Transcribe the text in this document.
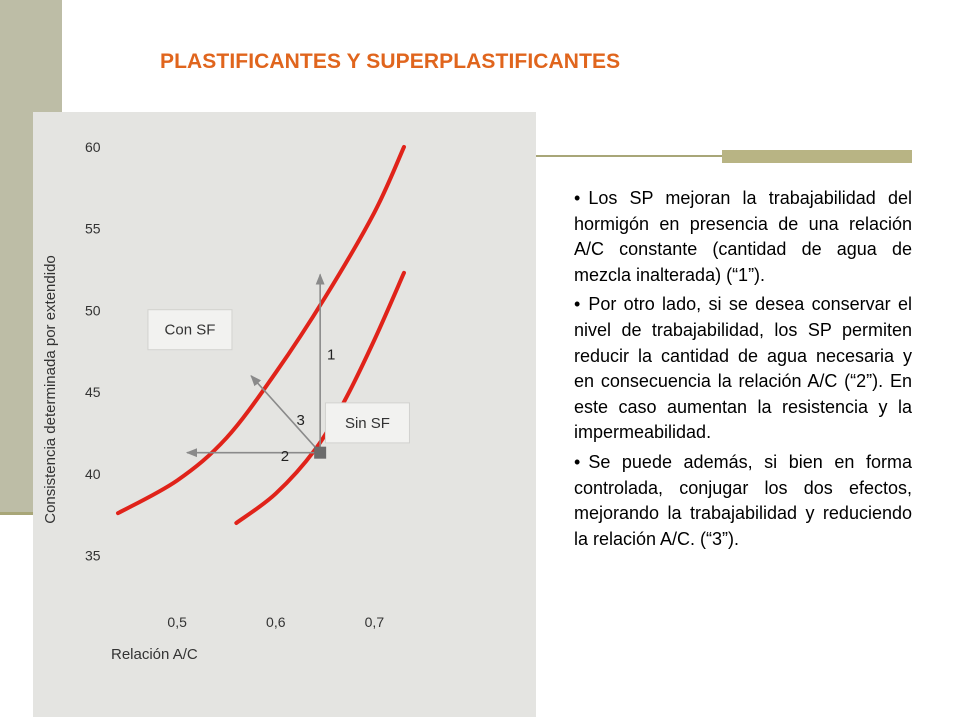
PLASTIFICANTES Y SUPERPLASTIFICANTES
35
40
45
50
55
60
0,5	0,6	0,7
Relación A/C
Consistencia determinada por extendido	1
2
3
Con SF
Sin SF

• Los SP mejoran la trabajabilidad del hormigón en presencia de una relación A/C constante (cantidad de agua de mezcla inalterada) (“1”).

• Por otro lado, si se desea conservar el nivel de trabajabilidad, los SP permiten reducir la cantidad de agua necesaria y en consecuencia la relación A/C (“2”). En este caso aumentan la resistencia y la impermeabilidad.

• Se puede además, si bien en forma controlada, conjugar los dos efectos, mejorando la trabajabilidad y reduciendo la relación A/C. (“3”).
